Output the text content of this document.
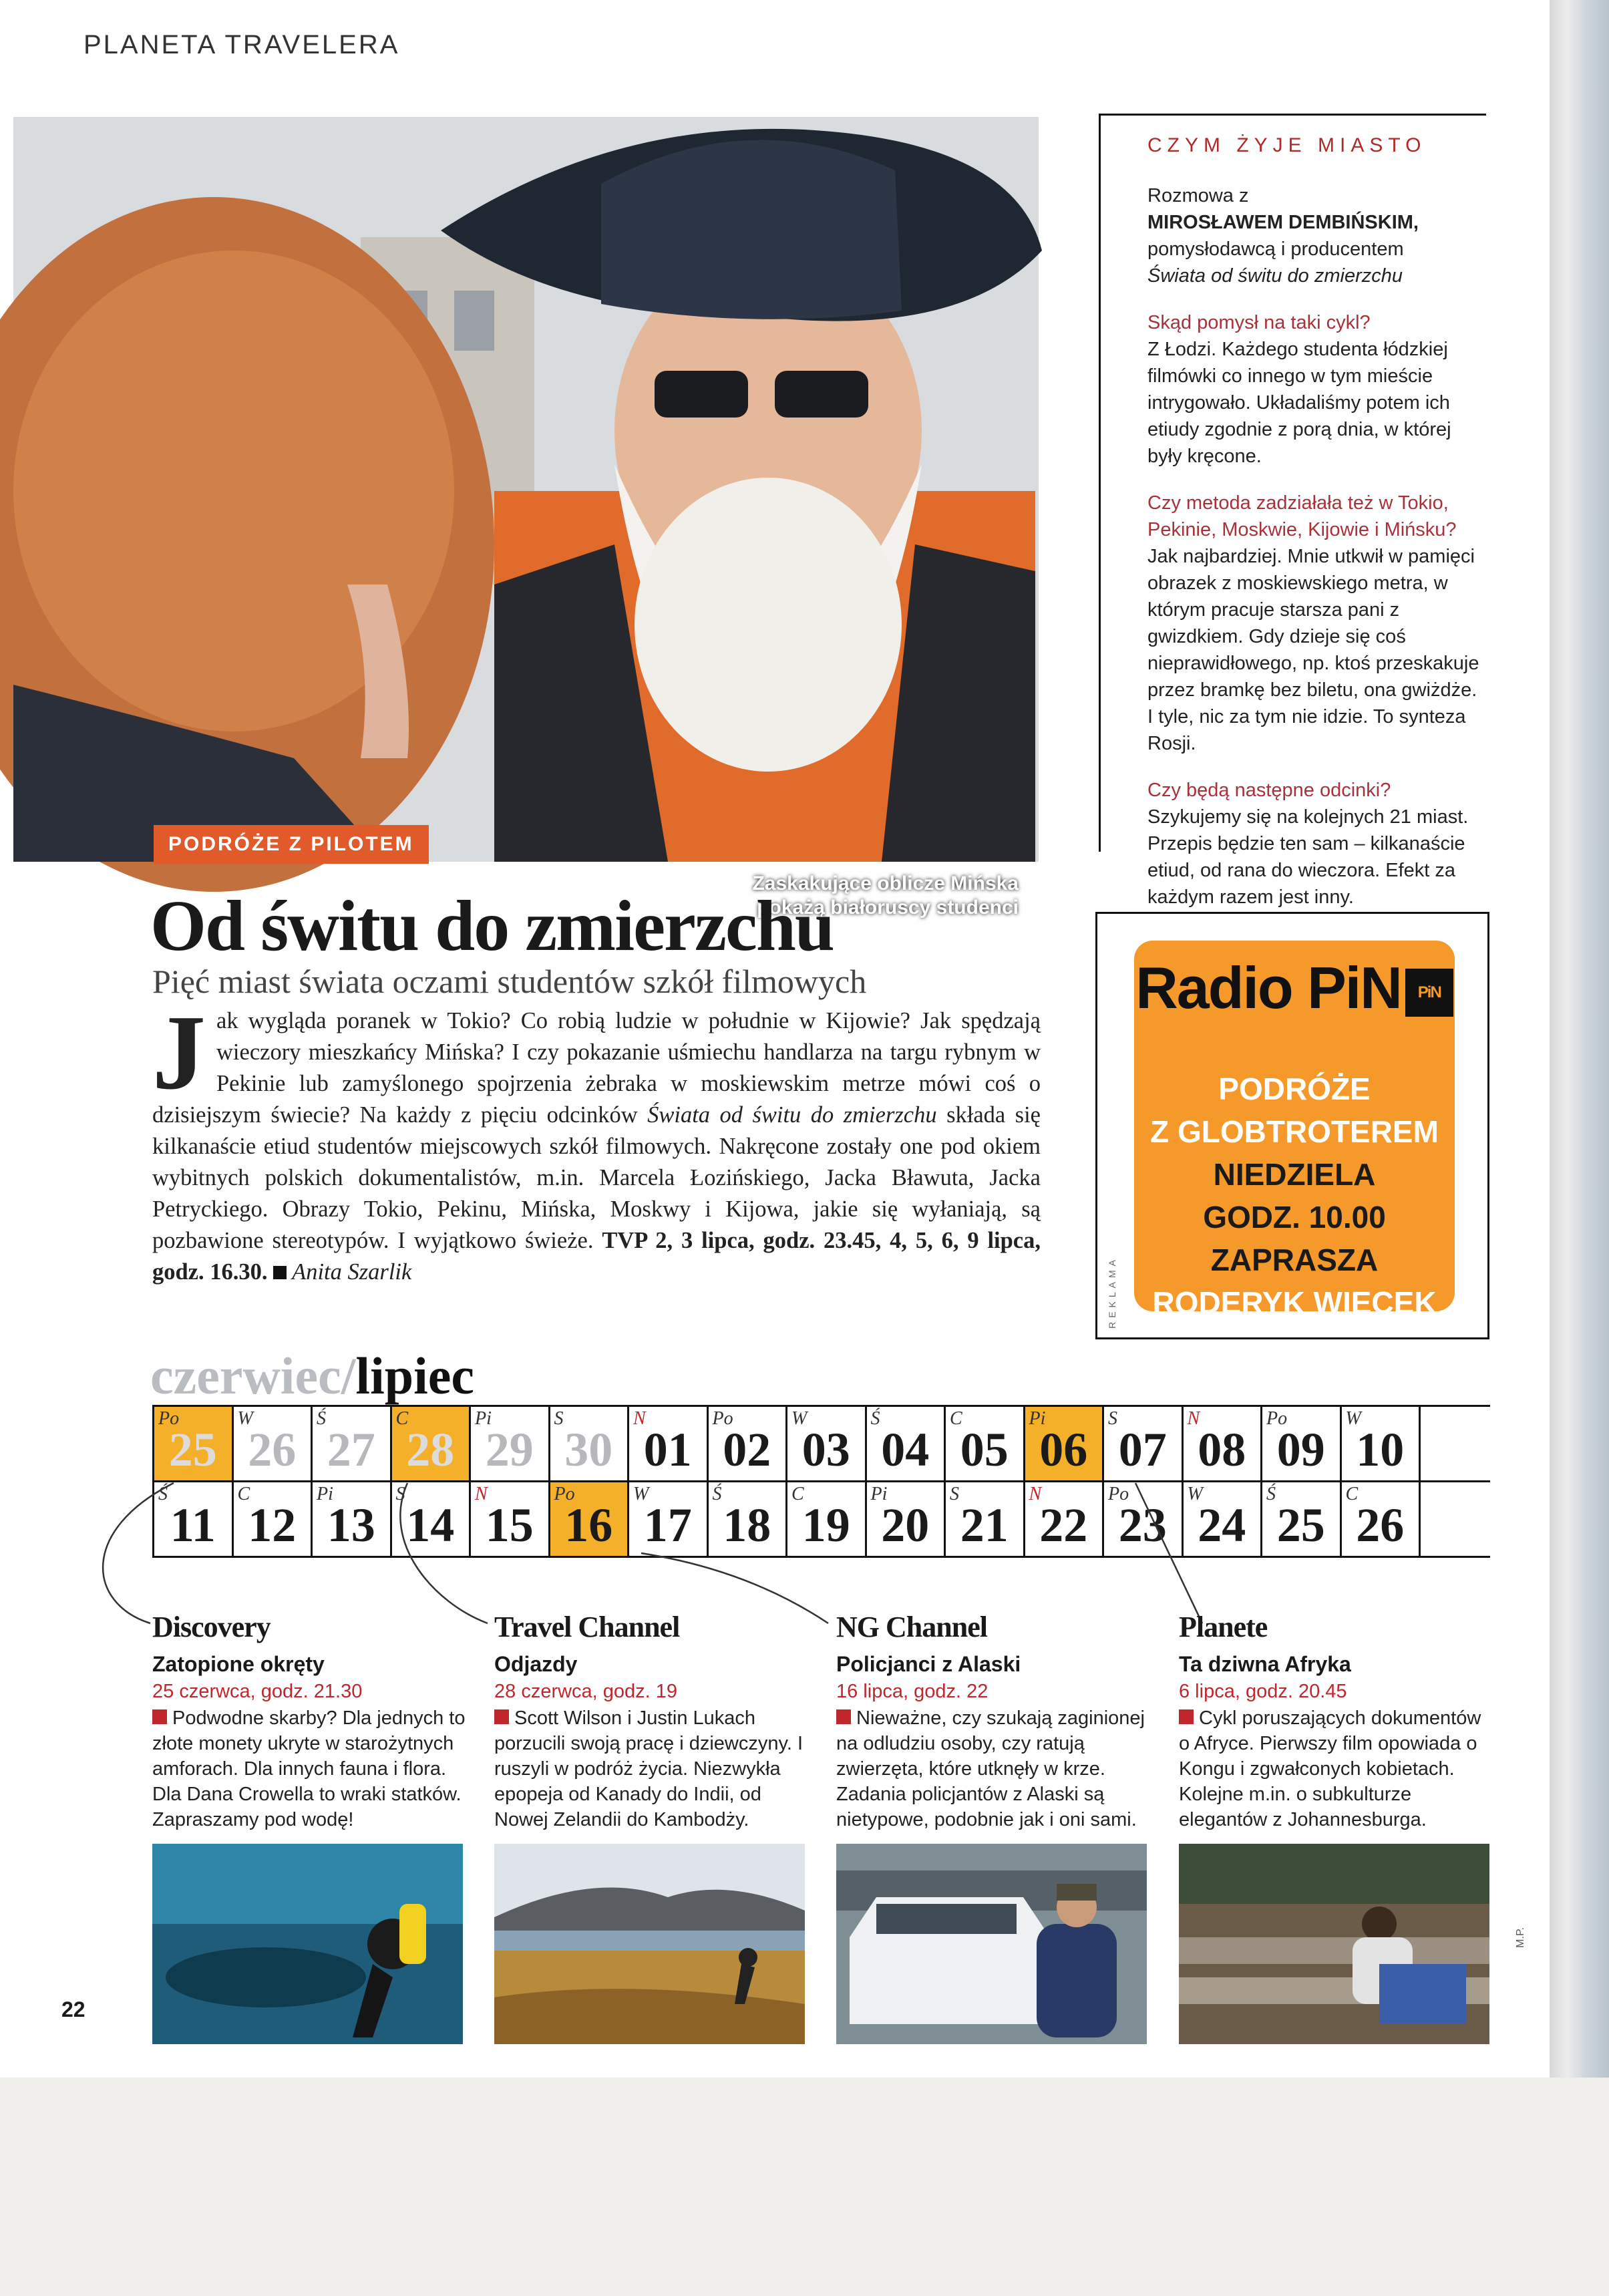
PLANETA TRAVELERA
Zaskakujące oblicze Mińska pokażą białoruscy studenci
PODRÓŻE Z PILOTEM
CZYM ŻYJE MIASTO
Rozmowa z
MIROSŁAWEM DEMBIŃSKIM,
pomysłodawcą i producentem
Świata od świtu do zmierzchu
Skąd pomysł na taki cykl?
Z Łodzi. Każdego studenta łódzkiej filmówki co innego w tym mieście intrygowało. Układaliśmy potem ich etiudy zgodnie z porą dnia, w której były kręcone.
Czy metoda zadziałała też w Tokio, Pekinie, Moskwie, Kijowie i Mińsku?
Jak najbardziej. Mnie utkwił w pamięci obrazek z moskiewskiego metra, w którym pracuje starsza pani z gwizdkiem. Gdy dzieje się coś nieprawidłowego, np. ktoś przeskakuje przez bramkę bez biletu, ona gwiżdże. I tyle, nic za tym nie idzie. To synteza Rosji.
Czy będą następne odcinki?
Szykujemy się na kolejnych 21 miast. Przepis będzie ten sam – kilkanaście etiud, od rana do wieczora. Efekt za każdym razem jest inny.
Od świtu do zmierzchu
Pięć miast świata oczami studentów szkół filmowych
Jak wygląda poranek w Tokio? Co robią ludzie w południe w Kijowie? Jak spędzają wieczory mieszkańcy Mińska? I czy pokazanie uśmiechu handlarza na targu rybnym w Pekinie lub zamyślonego spojrzenia żebraka w moskiewskim metrze mówi coś o dzisiejszym świecie? Na każdy z pięciu odcinków Świata od świtu do zmierzchu składa się kilkanaście etiud studentów miejscowych szkół filmowych. Nakręcone zostały one pod okiem wybitnych polskich dokumentalistów, m.in. Marcela Łozińskiego, Jacka Bławuta, Jacka Petryckiego. Obrazy Tokio, Pekinu, Mińska, Moskwy i Kijowa, jakie się wyłaniają, są pozbawione stereotypów. I wyjątkowo świeże. TVP 2, 3 lipca, godz. 23.45, 4, 5, 6, 9 lipca, godz. 16.30. Anita Szarlik
Radio PiN PiN
PODRÓŻE
Z GLOBTROTEREM
NIEDZIELA
GODZ. 10.00
ZAPRASZA
RODERYK WIĘCEK
REKLAMA
czerwiec/lipiec
Po
25
W
26
Ś
27
C
28
Pi
29
S
30
N
01
Po
02
W
03
Ś
04
C
05
Pi
06
S
07
N
08
Po
09
W
10
Ś
11
C
12
Pi
13
S
14
N
15
Po
16
W
17
Ś
18
C
19
Pi
20
S
21
N
22
Po
23
W
24
Ś
25
C
26
Discovery
Zatopione okręty
25 czerwca, godz. 21.30
Podwodne skarby? Dla jednych to złote monety ukryte w starożytnych amforach. Dla innych fauna i flora. Dla Dana Crowella to wraki statków. Zapraszamy pod wodę!
Travel Channel
Odjazdy
28 czerwca, godz. 19
Scott Wilson i Justin Lukach porzucili swoją pracę i dziewczyny. I ruszyli w podróż życia. Niezwykła epopeja od Kanady do Indii, od Nowej Zelandii do Kambodży.
NG Channel
Policjanci z Alaski
16 lipca, godz. 22
Nieważne, czy szukają zaginionej na odludziu osoby, czy ratują zwierzęta, które utknęły w krze. Zadania policjantów z Alaski są nietypowe, podobnie jak i oni sami.
Planete
Ta dziwna Afryka
6 lipca, godz. 20.45
Cykl poruszających dokumentów o Afryce. Pierwszy film opowiada o Kongu i zgwałconych kobietach. Kolejne m.in. o subkulturze elegantów z Johannesburga.
22
M.P.
